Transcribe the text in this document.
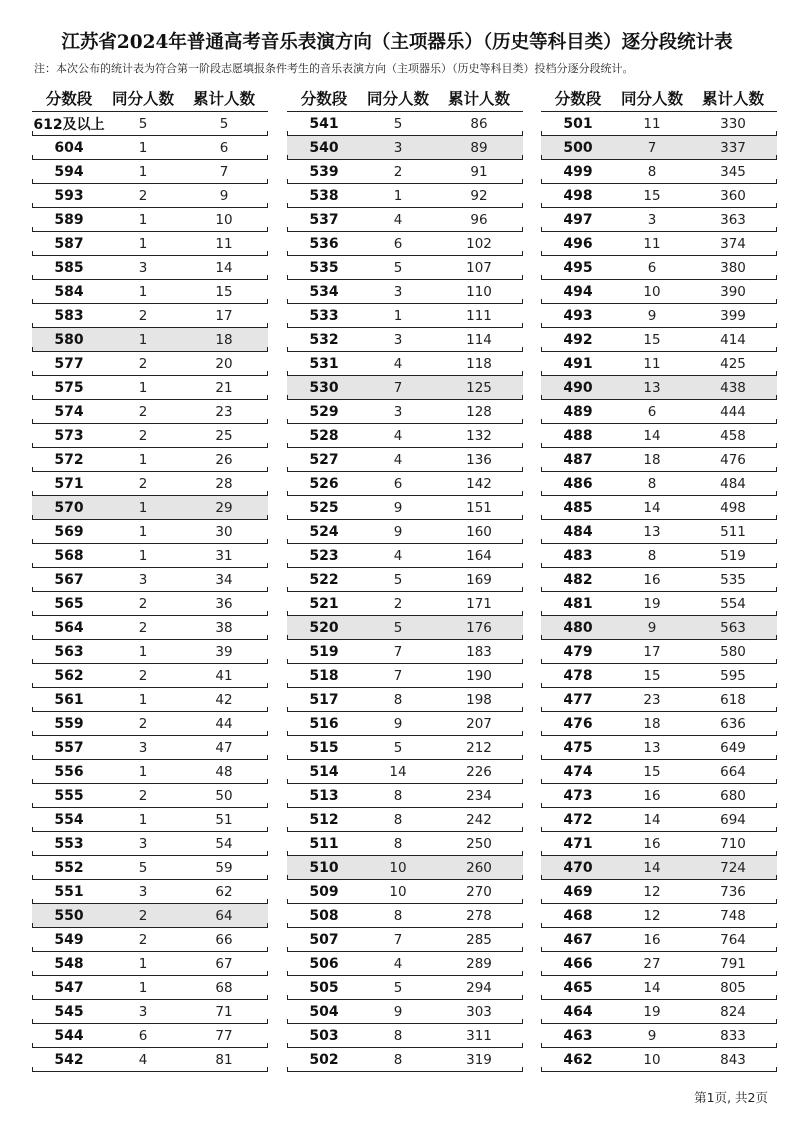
江苏省2024年普通高考音乐表演方向（主项器乐）（历史等科目类）逐分段统计表
注：本次公布的统计表为符合第一阶段志愿填报条件考生的音乐表演方向（主项器乐）（历史等科目类）投档分逐分段统计。
分数段	同分人数	累计人数
612及以上	5	5
604	1	6
594	1	7
593	2	9
589	1	10
587	1	11
585	3	14
584	1	15
583	2	17
580	1	18
577	2	20
575	1	21
574	2	23
573	2	25
572	1	26
571	2	28
570	1	29
569	1	30
568	1	31
567	3	34
565	2	36
564	2	38
563	1	39
562	2	41
561	1	42
559	2	44
557	3	47
556	1	48
555	2	50
554	1	51
553	3	54
552	5	59
551	3	62
550	2	64
549	2	66
548	1	67
547	1	68
545	3	71
544	6	77
542	4	81
分数段	同分人数	累计人数
541	5	86
540	3	89
539	2	91
538	1	92
537	4	96
536	6	102
535	5	107
534	3	110
533	1	111
532	3	114
531	4	118
530	7	125
529	3	128
528	4	132
527	4	136
526	6	142
525	9	151
524	9	160
523	4	164
522	5	169
521	2	171
520	5	176
519	7	183
518	7	190
517	8	198
516	9	207
515	5	212
514	14	226
513	8	234
512	8	242
511	8	250
510	10	260
509	10	270
508	8	278
507	7	285
506	4	289
505	5	294
504	9	303
503	8	311
502	8	319
分数段	同分人数	累计人数
501	11	330
500	7	337
499	8	345
498	15	360
497	3	363
496	11	374
495	6	380
494	10	390
493	9	399
492	15	414
491	11	425
490	13	438
489	6	444
488	14	458
487	18	476
486	8	484
485	14	498
484	13	511
483	8	519
482	16	535
481	19	554
480	9	563
479	17	580
478	15	595
477	23	618
476	18	636
475	13	649
474	15	664
473	16	680
472	14	694
471	16	710
470	14	724
469	12	736
468	12	748
467	16	764
466	27	791
465	14	805
464	19	824
463	9	833
462	10	843
第1页, 共2页
